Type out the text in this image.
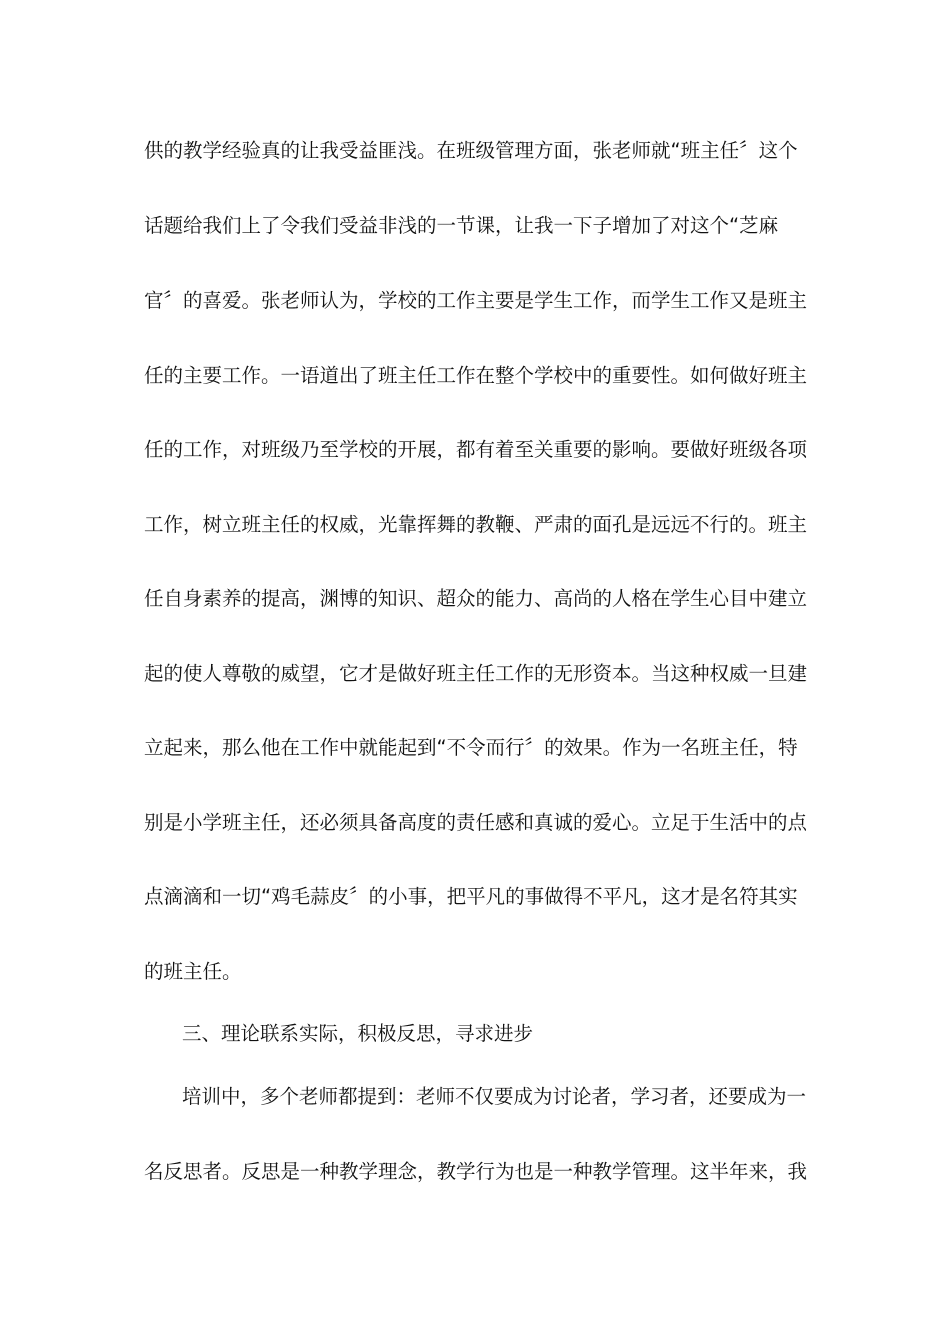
供的教学经验真的让我受益匪浅。在班级管理方面，张老师就“班主任〞这个
话题给我们上了令我们受益非浅的一节课，让我一下子增加了对这个“芝麻
官〞的喜爱。张老师认为，学校的工作主要是学生工作，而学生工作又是班主
任的主要工作。一语道出了班主任工作在整个学校中的重要性。如何做好班主
任的工作，对班级乃至学校的开展，都有着至关重要的影响。要做好班级各项
工作，树立班主任的权威，光靠挥舞的教鞭、严肃的面孔是远远不行的。班主
任自身素养的提高，渊博的知识、超众的能力、高尚的人格在学生心目中建立
起的使人尊敬的威望，它才是做好班主任工作的无形资本。当这种权威一旦建
立起来，那么他在工作中就能起到“不令而行〞的效果。作为一名班主任，特
别是小学班主任，还必须具备高度的责任感和真诚的爱心。立足于生活中的点
点滴滴和一切“鸡毛蒜皮〞的小事，把平凡的事做得不平凡，这才是名符其实
的班主任。
三、理论联系实际，积极反思，寻求进步
培训中，多个老师都提到：老师不仅要成为讨论者，学习者，还要成为一
名反思者。反思是一种教学理念，教学行为也是一种教学管理。这半年来，我
